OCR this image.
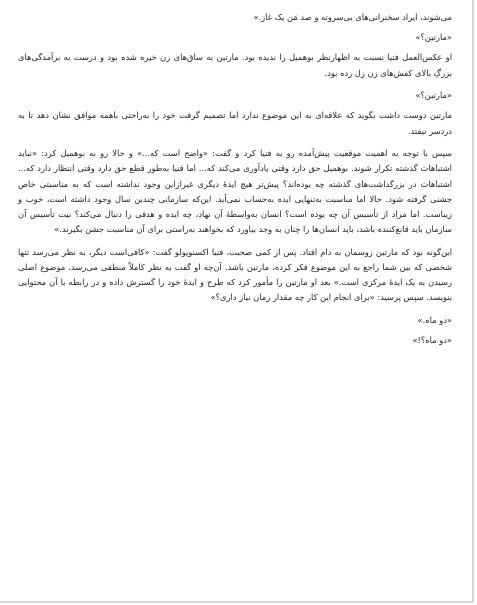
می‌شوند، ایراد سخنرانی‌های بی‌سروته و صد مَن یک غاز.»

«مارتین؟»

او عکس‌العمل فنیا نسبت به اظهارنظر بوهمیل را ندیده بود. مارتین به ساق‌های زن خیره شده بود و درست به برآمدگی‌های بزرگِ بالای کفش‌های زن زل زده بود.

«مارتین؟»

مارتین دوست داشت بگوید که علاقه‌ای به این موضوع ندارد اما تصمیم گرفت خود را به‌راحتی باهمه موافق نشان دهد تا به دردسر نیفتد.

سپس با توجه به اهمیت موقعیت پیش‌آمده رو به فنیا کرد و گفت: «واضح است که...» و حالا رو به بوهمیل کرد: «نباید اشتباهات گذشته تکرار شوند. بوهمیل حق دارد وقتی یادآوری می‌کند که... اما فنیا به‌طور قطع حق دارد وقتی انتظار دارد که... اشتباهات در بزرگداشت‌های گذشته چه بوده‌اند؟ پیش‌تر هیچ ایدهٔ دیگری غیرازاین وجود نداشته است که به مناسبتی خاص جشنی گرفته شود. حالا اما مناسبت به‌تنهایی ایده به‌حساب نمی‌آید. این‌که سازمانی چندین سال وجود داشته است، خوب و زیباست. اما مراد از تأسیس آن چه بوده است؟ انسان به‌واسطهٔ آن نهاد، چه ایده و هدفی را دنبال می‌کند؟ نیت تأسیس آن سازمان باید قانع‌کننده باشد، باید انسان‌ها را چنان به وجد بیاورد که بخواهند به‌راستی برای آن مناسبت جشن بگیرند.»

این‌گونه بود که مارتین زوسمان به دام افتاد. پس از کمی صحبت، فنیا اکسنوپولو گفت: «کافی‌است دیگر، به نظر می‌رسد تنها شخصی که بین شما راجع به این موضوع فکر کرده، مارتین باشد. آن‌چه او گفت به نظر کاملاً منطقی می‌رسد. موضوع اصلی رسیدن به یک ایدهٔ مرکزی است.» بعد او مارتین را مأمور کرد که طرح و ایدهٔ خود را گسترش داده و در رابطه با آن محتوایی بنویسد. سپس پرسید: «برای انجام این کار چه مقدار زمان نیاز داری؟»

«دو ماه.»

«دو ماه؟!»
